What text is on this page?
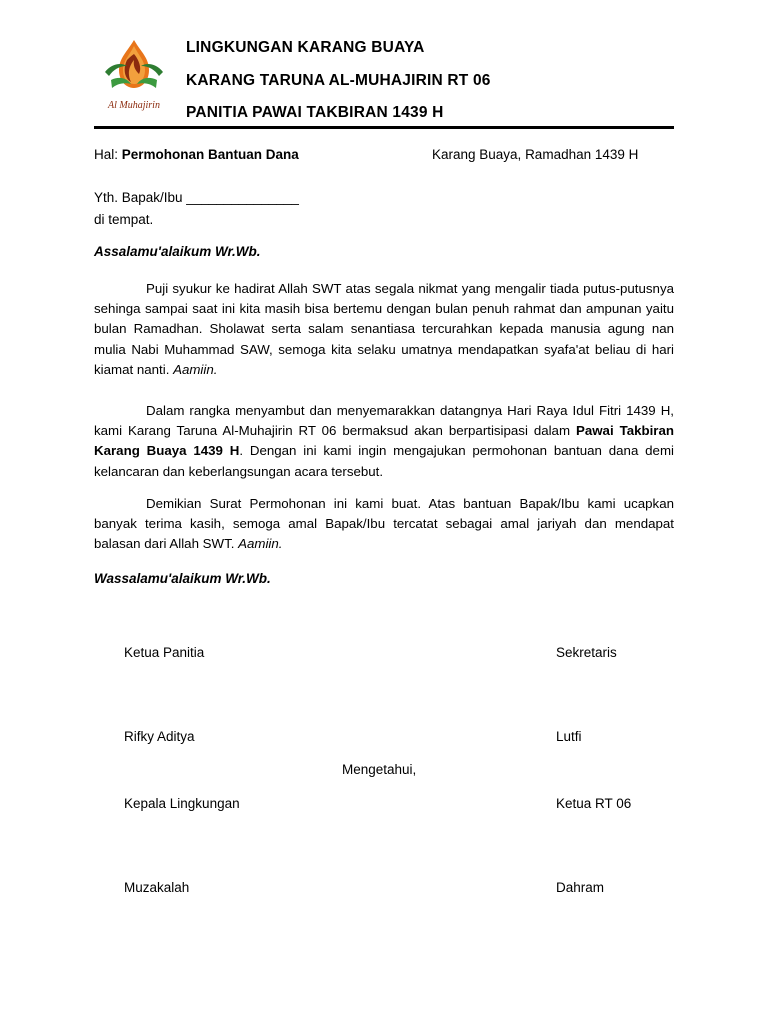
Al Muhajirin
LINGKUNGAN KARANG BUAYA
KARANG TARUNA AL-MUHAJIRIN RT 06
PANITIA PAWAI TAKBIRAN 1439 H
Hal: Permohonan Bantuan Dana	Karang Buaya, Ramadhan 1439 H
Yth. Bapak/Ibu _______________
di tempat.
Assalamu'alaikum Wr.Wb.
Puji syukur ke hadirat Allah SWT atas segala nikmat yang mengalir tiada putus-putusnya sehinga sampai saat ini kita masih bisa bertemu dengan bulan penuh rahmat dan ampunan yaitu bulan Ramadhan. Sholawat serta salam senantiasa tercurahkan kepada manusia agung nan mulia Nabi Muhammad SAW, semoga kita selaku umatnya mendapatkan syafa'at beliau di hari kiamat nanti. Aamiin.
Dalam rangka menyambut dan menyemarakkan datangnya Hari Raya Idul Fitri 1439 H, kami Karang Taruna Al-Muhajirin RT 06 bermaksud akan berpartisipasi dalam Pawai Takbiran Karang Buaya 1439 H. Dengan ini kami ingin mengajukan permohonan bantuan dana demi kelancaran dan keberlangsungan acara tersebut.
Demikian Surat Permohonan ini kami buat. Atas bantuan Bapak/Ibu kami ucapkan banyak terima kasih, semoga amal Bapak/Ibu tercatat sebagai amal jariyah dan mendapat balasan dari Allah SWT. Aamiin.
Wassalamu'alaikum Wr.Wb.
Ketua Panitia	Sekretaris
Rifky Aditya	Lutfi
Mengetahui,
Kepala Lingkungan	Ketua RT 06
Muzakalah	Dahram
